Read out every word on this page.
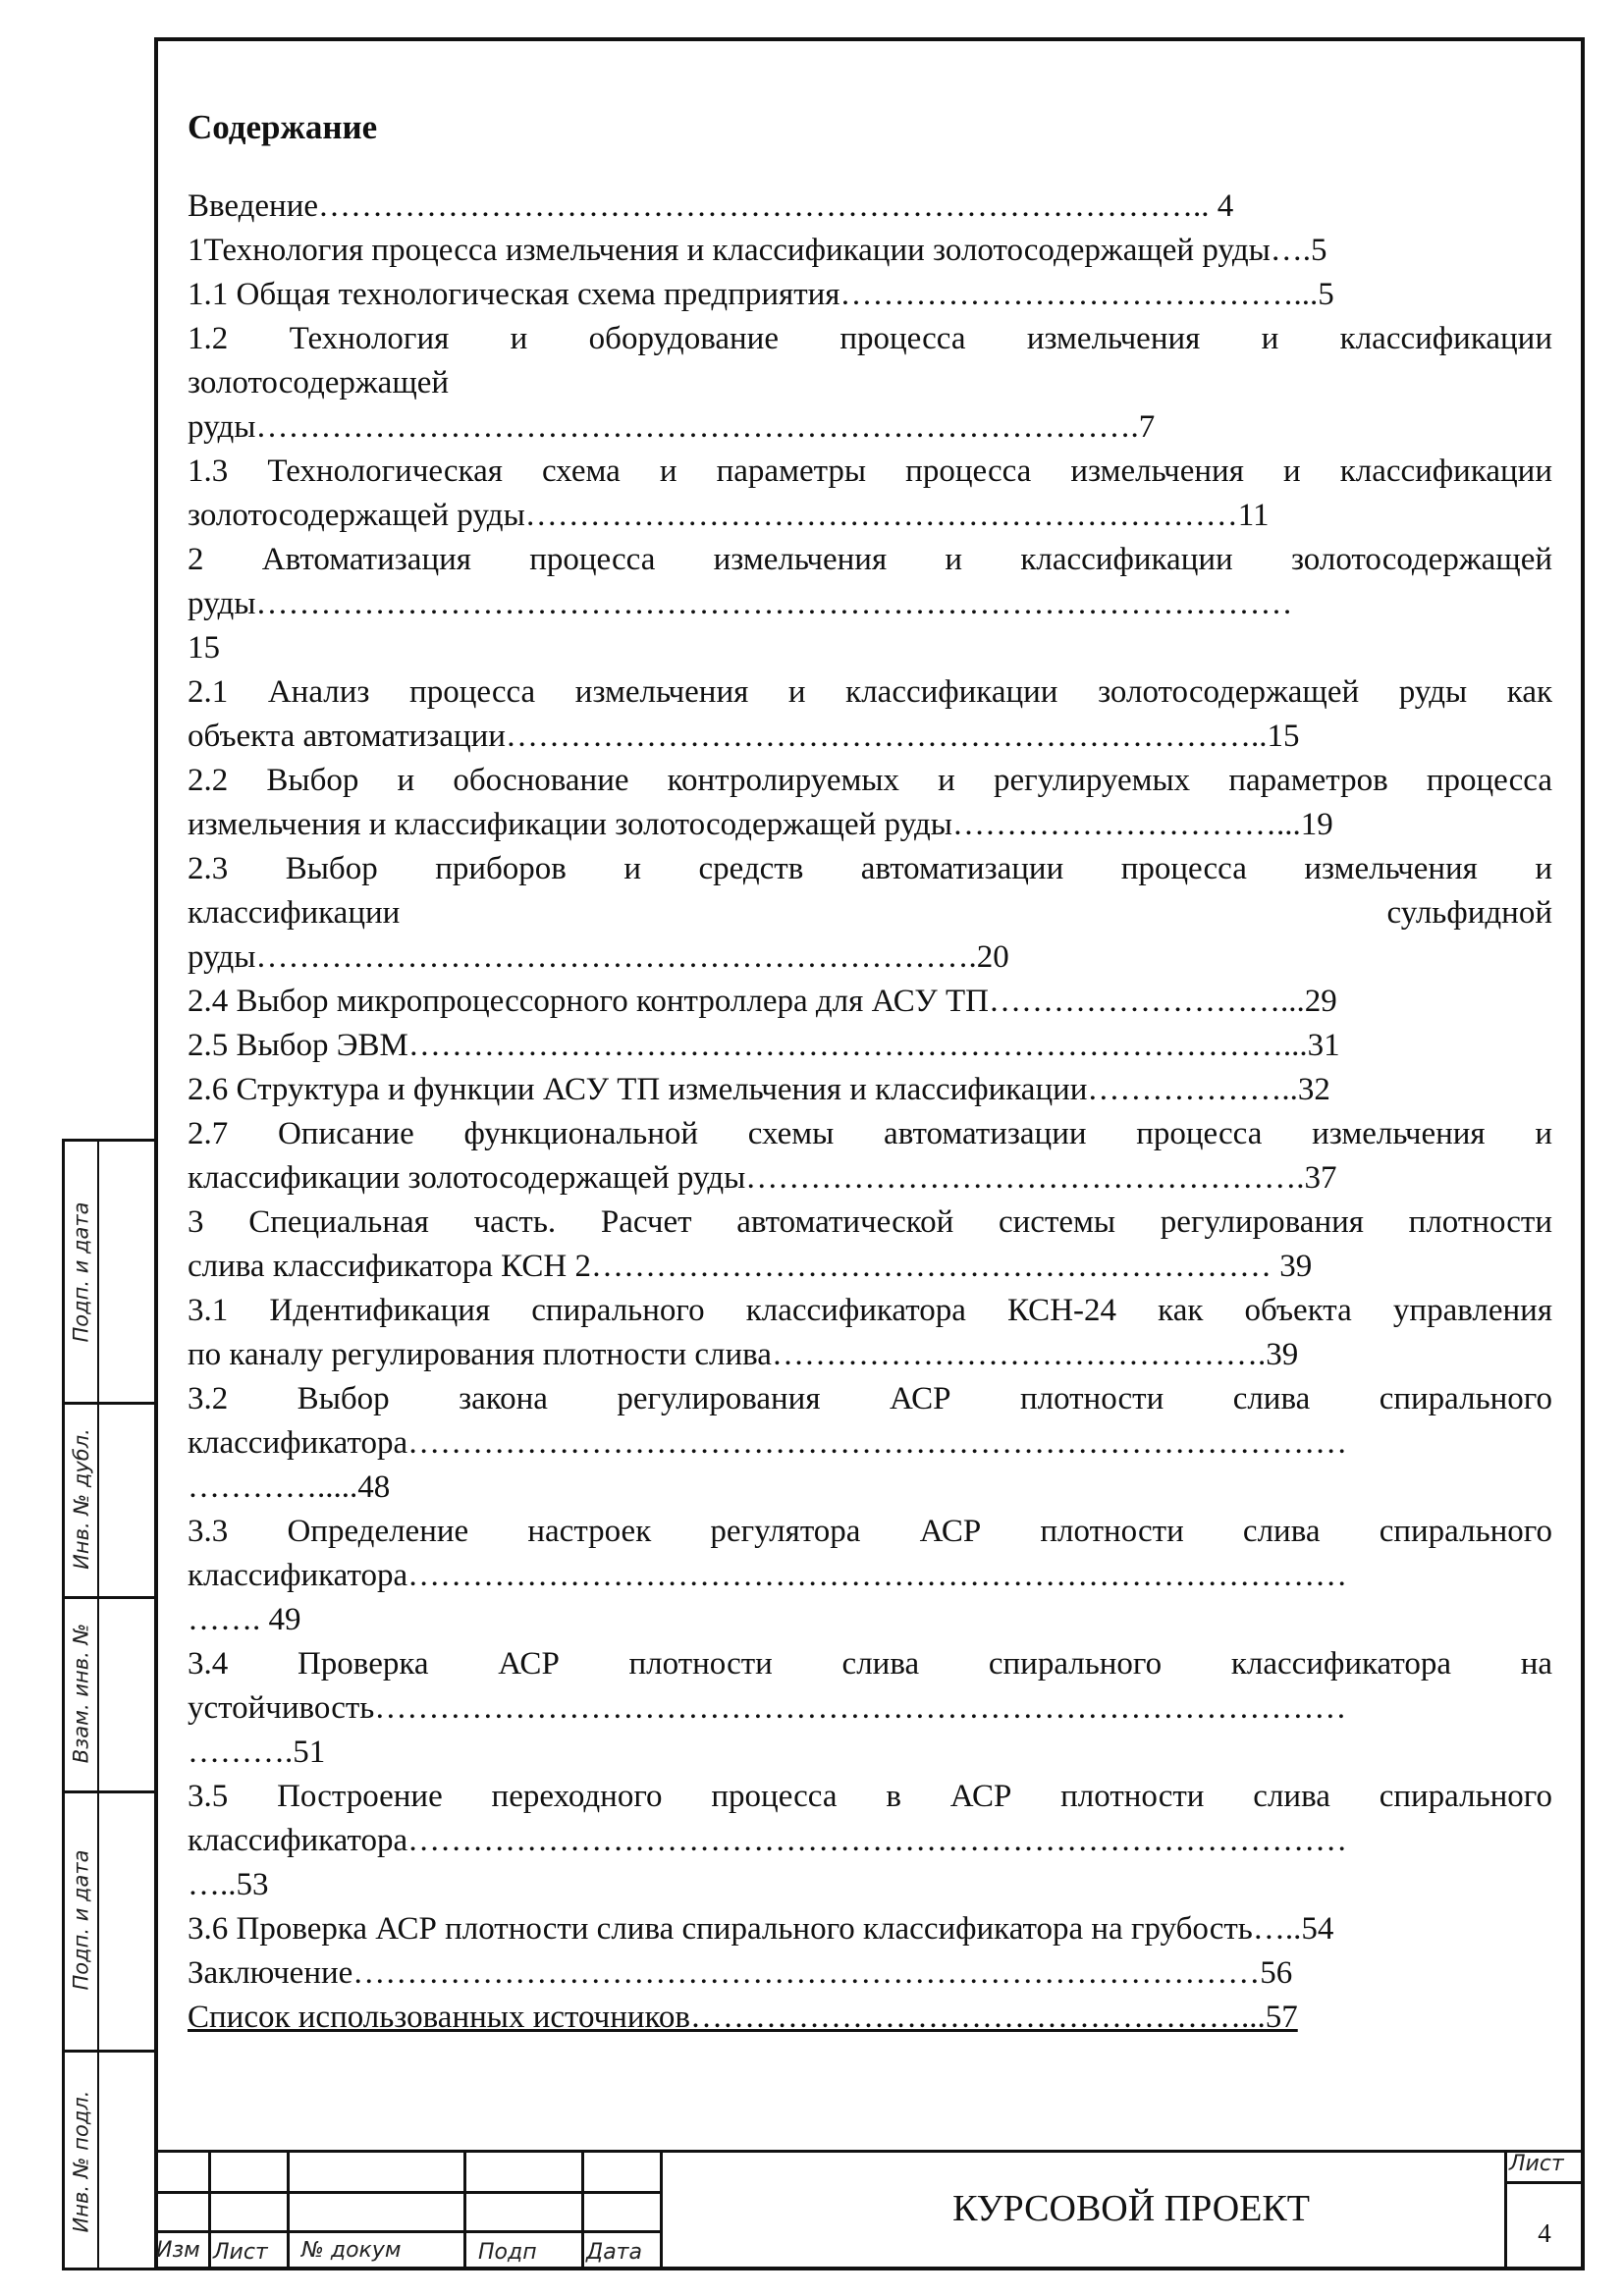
Подп. и дата
Инв. № дубл.
Взам. инв. №
Подп. и дата
Инв. № подл.
Содержание

Введение……………………………………………………………………….. 4

1Технология процесса измельчения и классификации золотосодержащей руды….5

1.1 Общая технологическая схема предприятия……………………………………...5

1.2 Технология и оборудование процесса измельчения и классификации

золотосодержащей

руды……………………………………………………………………….7

1.3 Технологическая схема и параметры процесса измельчения и классификации

золотосодержащей руды…………………………………………………………11

2 Автоматизация процесса измельчения и классификации золотосодержащей

руды……………………………………………………………………………………

15

2.1 Анализ процесса измельчения и классификации золотосодержащей руды как

объекта автоматизации……………………………………………………………..15

2.2 Выбор и обоснование контролируемых и регулируемых параметров процесса

измельчения и классификации золотосодержащей руды…………………………...19

2.3 Выбор приборов и средств автоматизации процесса измельчения и

классификации сульфидной

руды………………………………………………………….20

2.4 Выбор микропроцессорного контроллера для АСУ ТП………………………...29

2.5 Выбор ЭВМ………………………………………………………………………...31

2.6 Структура и функции АСУ ТП измельчения и классификации………………..32

2.7 Описание функциональной схемы автоматизации процесса измельчения и

классификации золотосодержащей руды…………………………………………….37

3 Специальная часть. Расчет автоматической системы регулирования плотности

слива классификатора КСН 2……………………………………………………… 39

3.1 Идентификация спирального классификатора КСН-24 как объекта управления

по каналу регулирования плотности слива……………………………………….39

3.2 Выбор закона регулирования АСР плотности слива спирального

классификатора……………………………………………………………………………

………….....48

3.3 Определение настроек регулятора АСР плотности слива спирального

классификатора……………………………………………………………………………

……. 49

3.4 Проверка АСР плотности слива спирального классификатора на

устойчивость………………………………………………………………………………

……….51

3.5 Построение переходного процесса в АСР плотности слива спирального

классификатора……………………………………………………………………………

…..53

3.6 Проверка АСР плотности слива спирального классификатора на грубость…..54

Заключение…………………………………………………………………………56

Список использованных источников……………………………………………...57

Изм Лист № докум	Подп Дата
КУРСОВОЙ ПРОЕКТ
Лист
4
